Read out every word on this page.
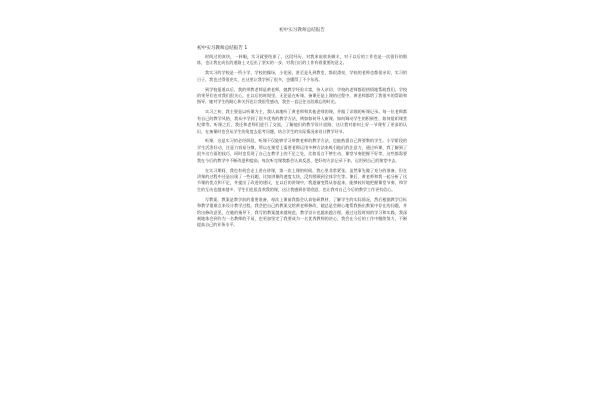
初中实习教师总结报告
初中实习教师总结报告 1

时间过的真快，一转眼，实习就要结束了，这段经历，对我来说收获颇丰，对于以后的工作也是一次很好的锻炼，也让我在成长的道路上又迈出了坚实的一步，对我日后的工作有着重要的意义。

我实习的学校是一所小学，学校的操场，小花园，甚至是凡到教室，都很漂亮，学校的老师也都很亲切，实习的日子，我也过得很充实，在这里让我学到了很多，也懂得了不少东西。

到学校报道以后，我的带教老师是黄老师，她教学经验丰富，待人亲切，学校的老师都很热情地帮助我们，学校的领导们也对我们很关心，在以后的时间里，无论是在听课、备课还是上课的过程中，黄老师都给了我很多的帮助和指导，她对学生的耐心和关怀也让我很受感动，我会一直记住这段难忘的时光。

实习之初，我主要是以听课为主，我认真地听了黄老师和其他老师的课，并做了详细的听课记录。每一位老师都有自己的教学风格，我从中学到了很多优秀的教学方法，例如如何导入新课、如何调动学生的积极性、如何组织课堂纪律等。听课之后，我还和老师们进行了交流，了解他们的教学设计思路，这让我对如何上好一节课有了更深的认识，在备课时也会从学生的角度去思考问题，结合学生的实际情况来设计教学环节。

听课，这是实习的必经阶段，听课不仅能够学习带教老师的教学方法，也能熟悉自己将要教的学生。小学阶段的学生活泼好动，注意力容易分散，所以在课堂上需要老师运用多种方法来吸引他们的注意力，通过听课，我了解到了很多这方面的技巧，同时也发现了自己在教学上的不足之处，比如语言不够生动、课堂节奏把握不好等，这些都需要我在今后的教学中不断改进和提高，每次听完课我都会认真反思，把好的方法记录下来，运用到自己的课堂中去。

在实习期间，我也有机会走上讲台讲课，第一次上课的时候，我心里非常紧张，虽然事先做了充分的准备，但在讲课的过程中还是出现了一些问题，比如讲课的速度太快，没有照顾到全体学生等。课后，黄老师和我一起分析了这节课的优点和不足，并提出了改进的建议，在以后的讲课中，我逐渐变得从容起来，能够较好地把握课堂节奏，和学生的互动也越来越多，学生们也很喜欢我的课，这让我感到非常欣慰，也让我对自己今后的教学工作更有信心。

写教案，教案是教学前的重要准备，每次上课前我都会认真钻研教材，了解学生的实际情况，然后根据教学目标和教学重难点来设计教学过程。我会把自己的教案交给黄老师修改，她总是会耐心地帮我指出教案中存在的问题，并给出修改意见，在她的指导下，我写的教案越来越规范，教学设计也越来越合理。通过这段时间的学习和实践，我深刻地体会到作为一名教师的不易，也更加坚定了我要成为一名优秀教师的决心，我会在今后的工作中继续努力，不断提高自己的业务水平。
